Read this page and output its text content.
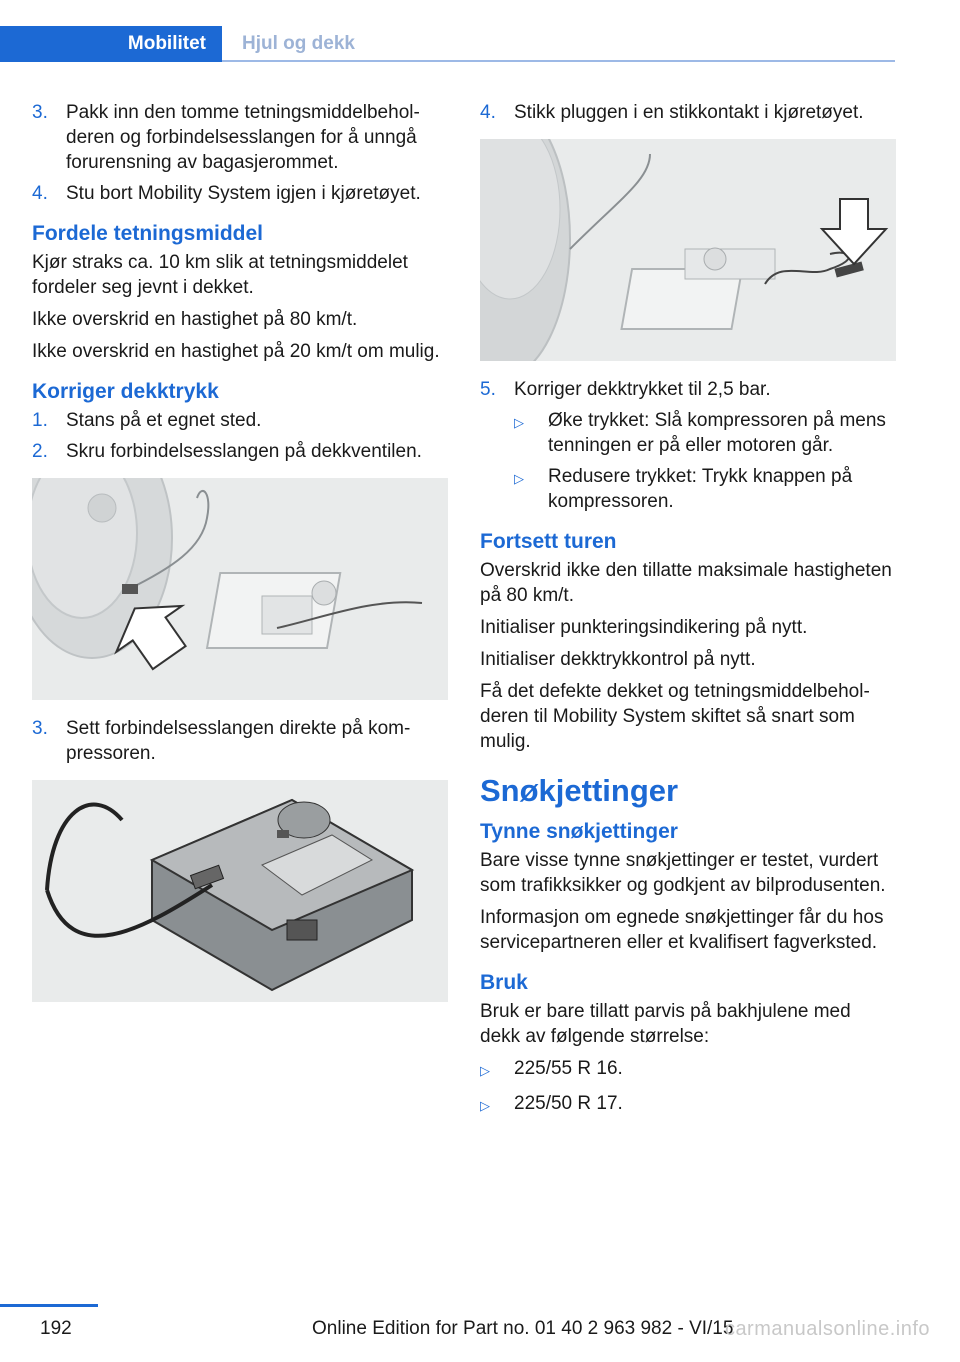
Mobilitet	Hjul og dekk
3. Pakk inn den tomme tetningsmiddelbeholderen og forbindelsesslangen for å unngå forurensning av bagasjerommet.
4. Stu bort Mobility System igjen i kjøretøyet.
Fordele tetningsmiddel

Kjør straks ca. 10 km slik at tetningsmiddelet fordeler seg jevnt i dekket.

Ikke overskrid en hastighet på 80 km/t.

Ikke overskrid en hastighet på 20 km/t om mulig.

Korriger dekktrykk
1. Stans på et egnet sted.
2. Skru forbindelsesslangen på dekkventilen.
3. Sett forbindelsesslangen direkte på kompressoren.
4. Stikk pluggen i en stikkontakt i kjøretøyet.
5. Korriger dekktrykket til 2,5 bar.
▷	Øke trykket: Slå kompressoren på mens tenningen er på eller motoren går.
▷	Redusere trykket: Trykk knappen på kompressoren.
Fortsett turen

Overskrid ikke den tillatte maksimale hastigheten på 80 km/t.

Initialiser punkteringsindikering på nytt.

Initialiser dekktrykkontrol på nytt.

Få det defekte dekket og tetningsmiddelbeholderen til Mobility System skiftet så snart som mulig.

Snøkjettinger
Tynne snøkjettinger

Bare visse tynne snøkjettinger er testet, vurdert som trafikksikker og godkjent av bilprodusenten.

Informasjon om egnede snøkjettinger får du hos servicepartneren eller et kvalifisert fagverksted.

Bruk

Bruk er bare tillatt parvis på bakhjulene med dekk av følgende størrelse:

▷	225/55 R 16.
▷	225/50 R 17.
192	Online Edition for Part no. 01 40 2 963 982 - VI/15
carmanualsonline.info
